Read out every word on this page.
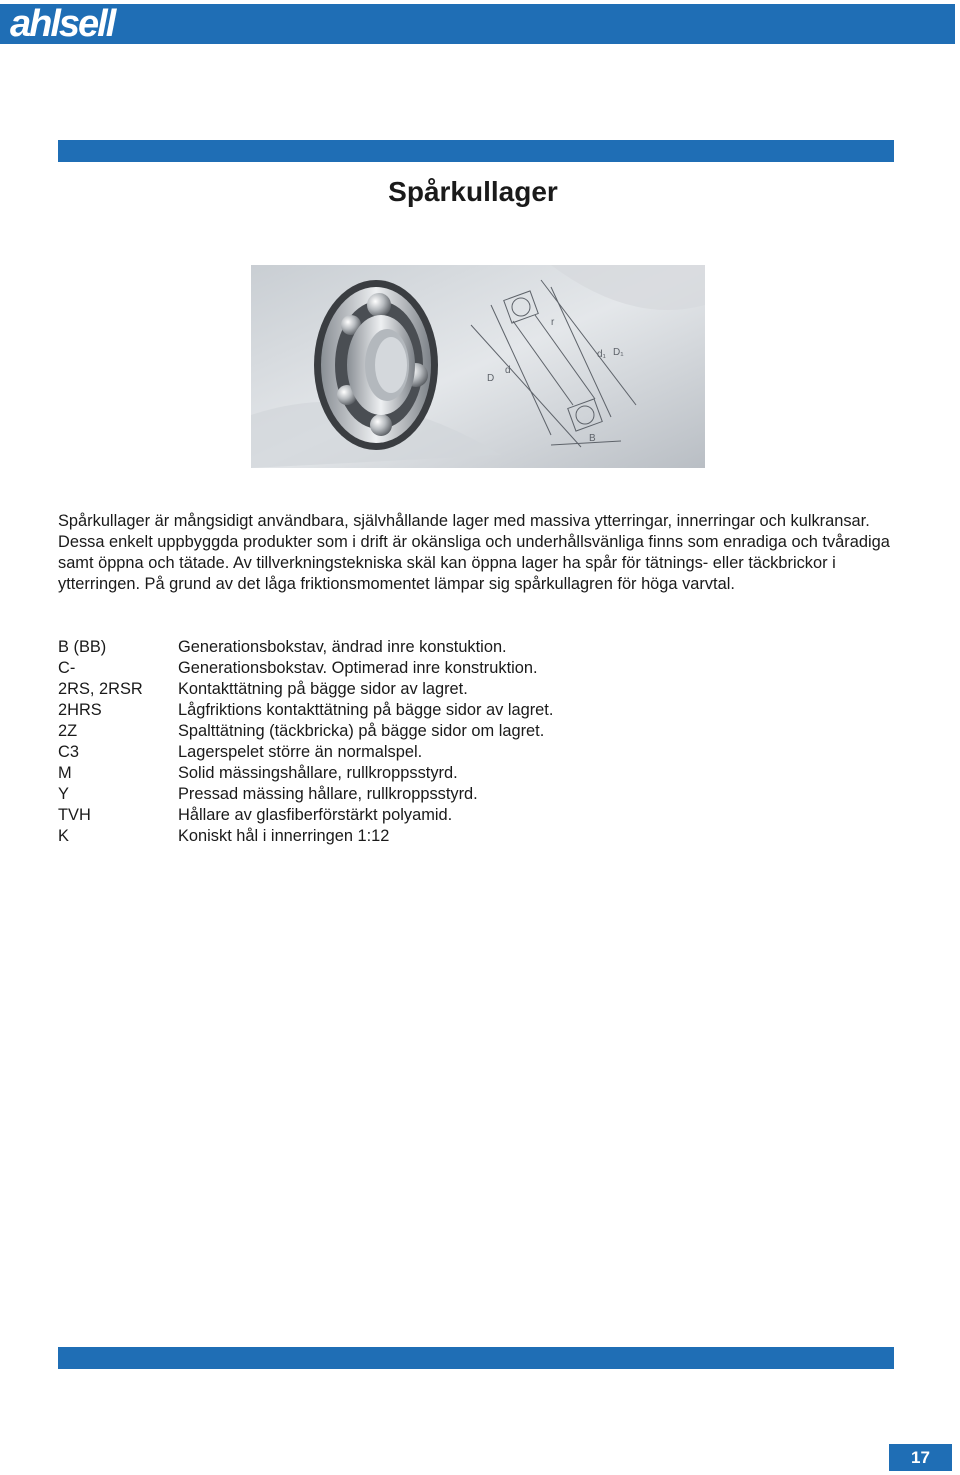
ahlsell
Spårkullager
D
d
d₁ D₁
r
B

Spårkullager är mångsidigt användbara, självhållande lager med massiva ytterringar, innerringar och kulkransar. Dessa enkelt uppbyggda produkter som i drift är okänsliga och underhållsvänliga finns som enradiga och tvåradiga samt öppna och tätade. Av tillverkningstekniska skäl kan öppna lager ha spår för tätnings- eller täckbrickor i ytterringen. På grund av det låga friktionsmomentet lämpar sig spårkullagren för höga varvtal.

B (BB)	Generationsbokstav, ändrad inre konstuktion.
C-	Generationsbokstav. Optimerad inre konstruktion.
2RS, 2RSR	Kontakttätning på bägge sidor av lagret.
2HRS	Lågfriktions kontakttätning på bägge sidor av lagret.
2Z	Spalttätning (täckbricka) på bägge sidor om lagret.
C3	Lagerspelet större än normalspel.
M	Solid mässingshållare, rullkroppsstyrd.
Y	Pressad mässing hållare, rullkroppsstyrd.
TVH	Hållare av glasfiberförstärkt polyamid.
K	Koniskt hål i innerringen 1:12
17
